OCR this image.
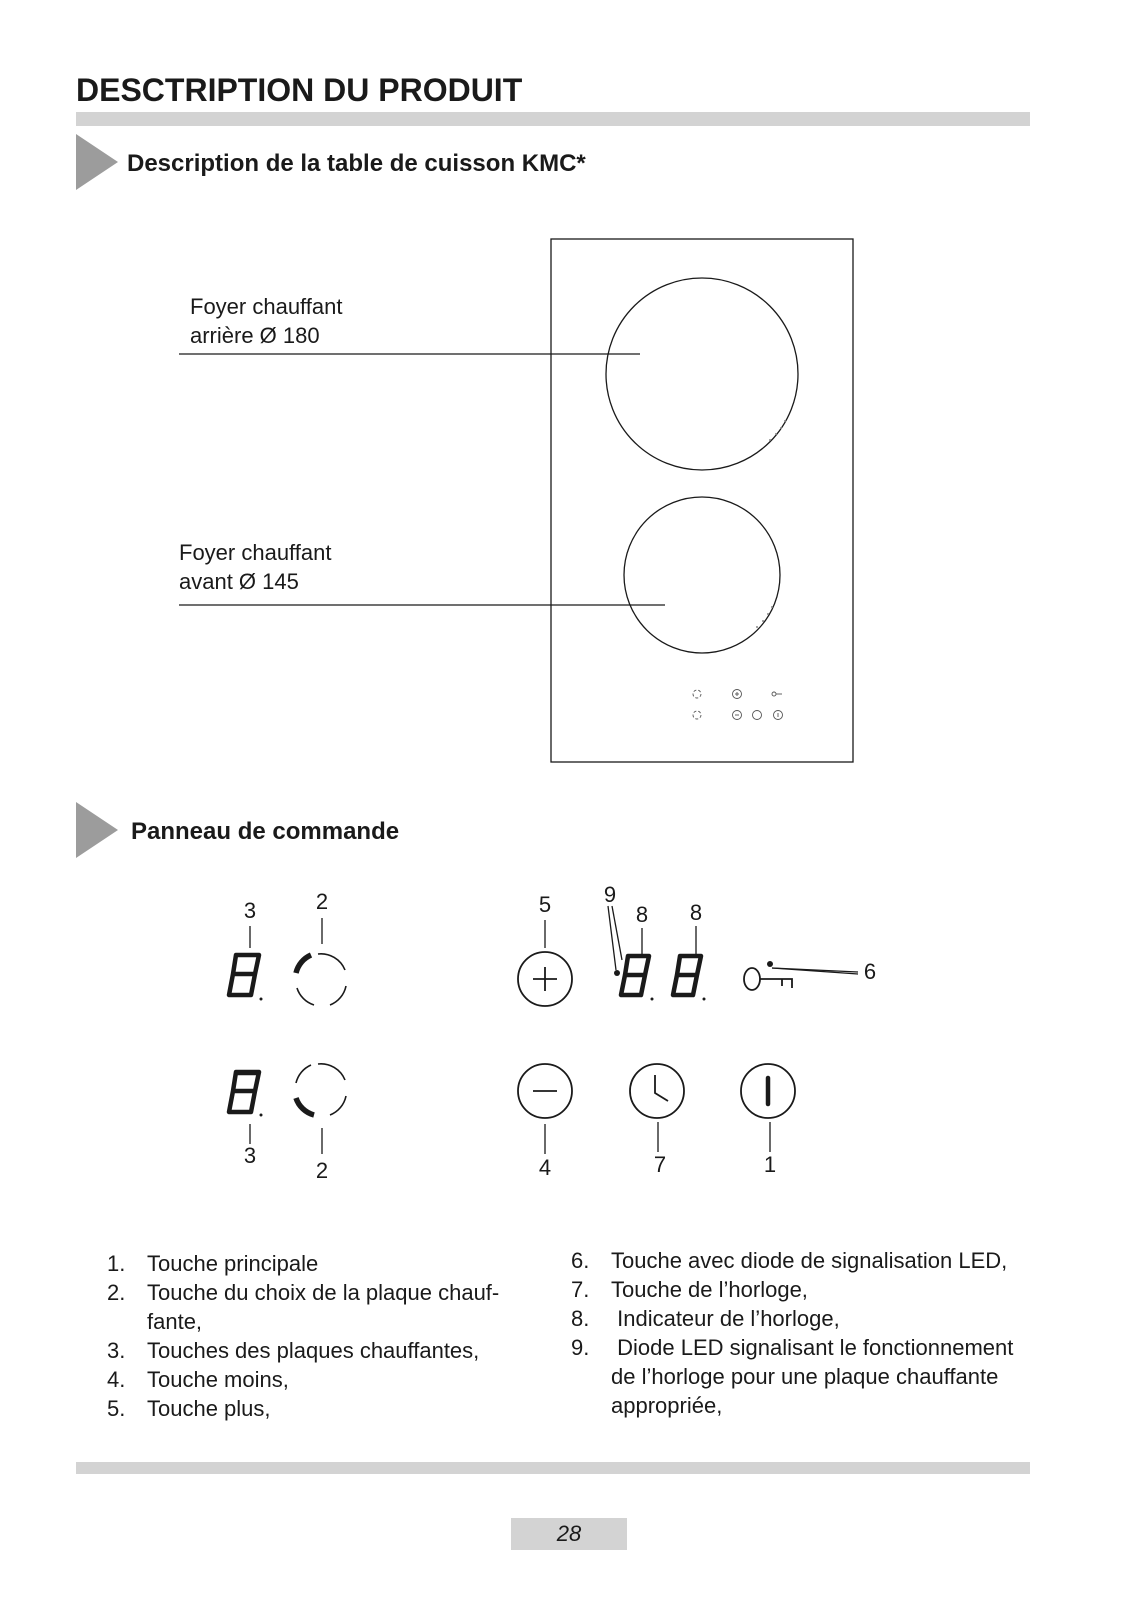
DESCTRIPTION DU PRODUIT
Description de la table de cuisson KMC*
Foyer chauffant
arrière Ø 180
Foyer chauffant
avant Ø 145
Panneau de commande
3	2	5 9
8 8
6
3
2	4	7	1
1. Touche principale
2. Touche du choix de la plaque chauf-
fante,
3. Touches des plaques chauffantes,
4. Touche moins,
5. Touche plus,
6. Touche avec diode de signalisation LED,
7. Touche de l’horloge,
8. Indicateur de l’horloge,
9. Diode LED signalisant le fonctionnement
de l’horloge pour une plaque chauffante
appropriée,
28
